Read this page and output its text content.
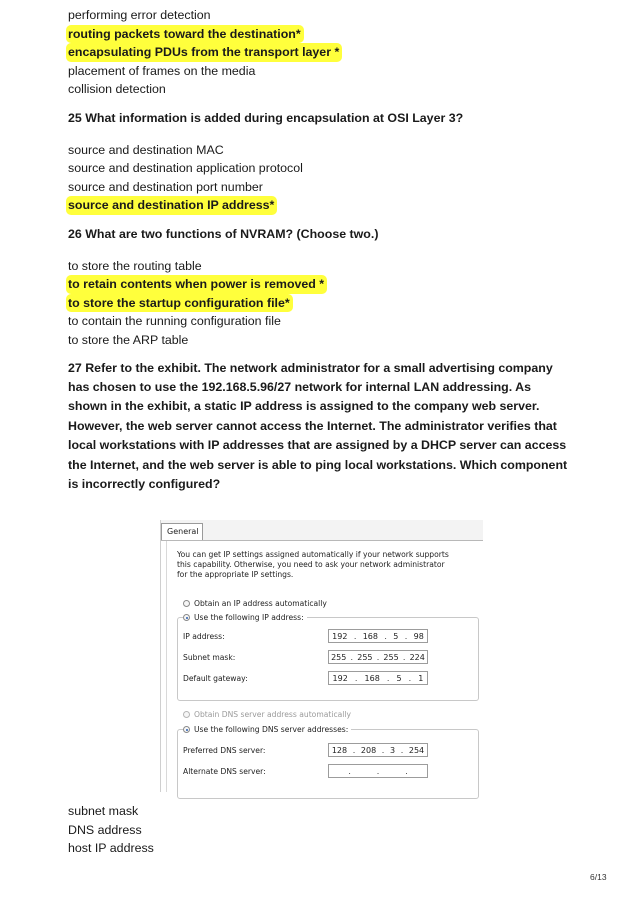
performing error detection
routing packets toward the destination*
encapsulating PDUs from the transport layer *
placement of frames on the media
collision detection
25 What information is added during encapsulation at OSI Layer 3?
source and destination MAC
source and destination application protocol
source and destination port number
source and destination IP address*
26 What are two functions of NVRAM? (Choose two.)
to store the routing table
to retain contents when power is removed *
to store the startup configuration file*
to contain the running configuration file
to store the ARP table
27 Refer to the exhibit. The network administrator for a small advertising company
has chosen to use the 192.168.5.96/27 network for internal LAN addressing. As
shown in the exhibit, a static IP address is assigned to the company web server.
However, the web server cannot access the Internet. The administrator verifies that
local workstations with IP addresses that are assigned by a DHCP server can access
the Internet, and the web server is able to ping local workstations. Which component
is incorrectly configured?
General
You can get IP settings assigned automatically if your network supports
this capability. Otherwise, you need to ask your network administrator
for the appropriate IP settings.
Obtain an IP address automatically
Use the following IP address:
IP address:	192 . 168 . 5 . 98
Subnet mask:	255 . 255 . 255 . 224
Default gateway:	192 . 168 . 5 . 1
Obtain DNS server address automatically
Use the following DNS server addresses:
Preferred DNS server:	128 . 208 . 3 . 254
Alternate DNS server:	.	.	.
subnet mask
DNS address
host IP address
6/13
